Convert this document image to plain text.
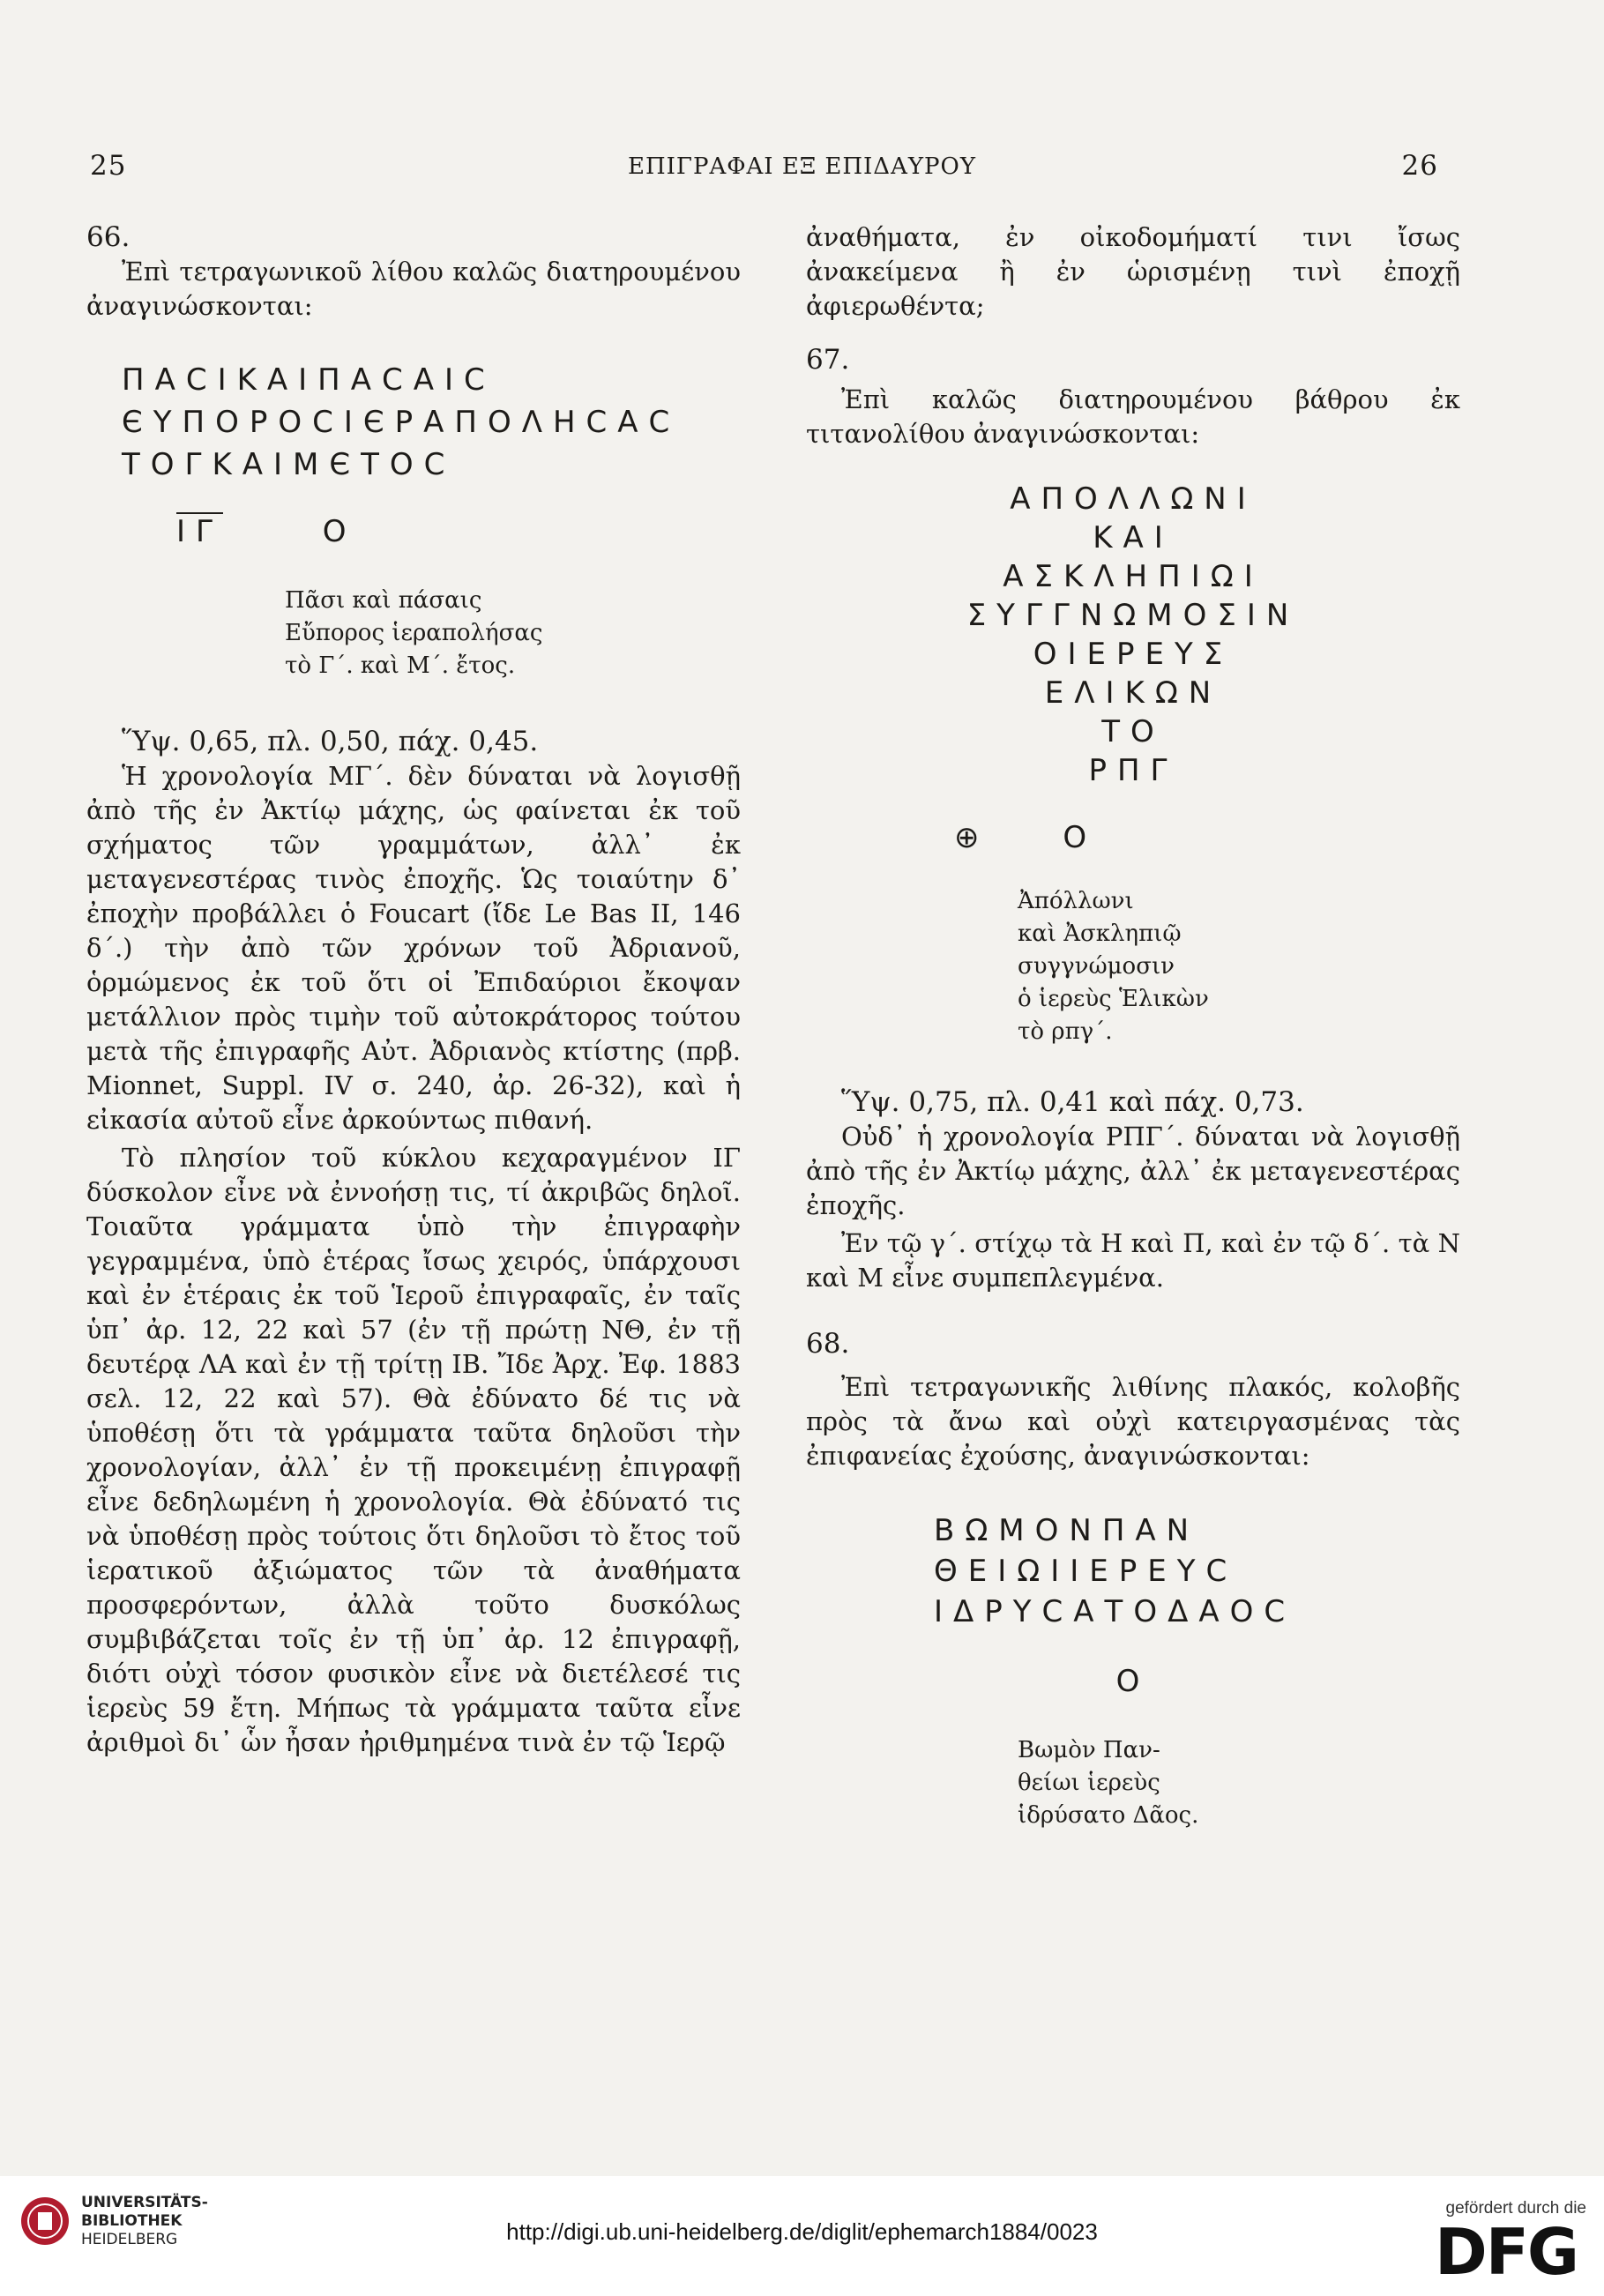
25	ΕΠΙΓΡΑΦΑΙ ΕΞ ΕΠΙΔΑΥΡΟΥ	26

66.

Ἐπὶ τετραγωνικοῦ λίθου καλῶς διατηρουμένου ἀναγινώσκονται:

ΠΑCΙΚΑΙΠΑCΑΙC
ЄΥΠΟΡΟCΙЄΡΑΠΟΛΗCΑC
ΤΟΓΚΑΙΜЄΤΟC
$\overline{I\Gamma}$	Ο
Πᾶσι καὶ πάσαις
Εὔπορος ἱεραπολήσας
τὸ Γ΄. καὶ Μ΄. ἔτος.

Ὕψ. 0,65, πλ. 0,50, πάχ. 0,45.

Ἡ χρονολογία ΜΓ΄. δὲν δύναται νὰ λογισθῇ ἀπὸ τῆς ἐν Ἀκτίῳ μάχης, ὡς φαίνεται ἐκ τοῦ σχήματος τῶν γραμμάτων, ἀλλ᾽ ἐκ μεταγενεστέρας τινὸς ἐποχῆς. Ὡς τοιαύτην δ᾽ ἐποχὴν προβάλλει ὁ Foucart (ἴδε Le Bas II, 146 δ΄.) τὴν ἀπὸ τῶν χρόνων τοῦ Ἀδριανοῦ, ὁρμώμενος ἐκ τοῦ ὅτι οἱ Ἐπιδαύριοι ἔκοψαν μετάλλιον πρὸς τιμὴν τοῦ αὐτοκράτορος τούτου μετὰ τῆς ἐπιγραφῆς Αὐτ. Ἀδριανὸς κτίστης (πρβ. Mionnet, Suppl. IV σ. 240, ἀρ. 26-32), καὶ ἡ εἰκασία αὐτοῦ εἶνε ἀρκούντως πιθανή.

Τὸ πλησίον τοῦ κύκλου κεχαραγμένον ΙΓ δύσκολον εἶνε νὰ ἐννοήσῃ τις, τί ἀκριβῶς δηλοῖ. Τοιαῦτα γράμματα ὑπὸ τὴν ἐπιγραφὴν γεγραμμένα, ὑπὸ ἑτέρας ἴσως χειρός, ὑπάρχουσι καὶ ἐν ἑτέραις ἐκ τοῦ Ἱεροῦ ἐπιγραφαῖς, ἐν ταῖς ὑπ᾽ ἀρ. 12, 22 καὶ 57 (ἐν τῇ πρώτῃ ΝΘ, ἐν τῇ δευτέρᾳ ΛΑ καὶ ἐν τῇ τρίτῃ ΙΒ. Ἴδε Ἀρχ. Ἐφ. 1883 σελ. 12, 22 καὶ 57). Θὰ ἐδύνατο δέ τις νὰ ὑποθέσῃ ὅτι τὰ γράμματα ταῦτα δηλοῦσι τὴν χρονολογίαν, ἀλλ᾽ ἐν τῇ προκειμένῃ ἐπιγραφῇ εἶνε δεδηλωμένη ἡ χρονολογία. Θὰ ἐδύνατό τις νὰ ὑποθέσῃ πρὸς τούτοις ὅτι δηλοῦσι τὸ ἔτος τοῦ ἱερατικοῦ ἀξιώματος τῶν τὰ ἀναθήματα προσφερόντων, ἀλλὰ τοῦτο δυσκόλως συμβιβάζεται τοῖς ἐν τῇ ὑπ᾽ ἀρ. 12 ἐπιγραφῇ, διότι οὐχὶ τόσον φυσικὸν εἶνε νὰ διετέλεσέ τις ἱερεὺς 59 ἔτη. Μήπως τὰ γράμματα ταῦτα εἶνε ἀριθμοὶ δι᾽ ὧν ἦσαν ἠριθμημένα τινὰ ἐν τῷ Ἱερῷ

ἀναθήματα, ἐν οἰκοδομήματί τινι ἴσως ἀνακείμενα ἢ ἐν ὡρισμένῃ τινὶ ἐποχῇ ἀφιερωθέντα;

67.

Ἐπὶ καλῶς διατηρουμένου βάθρου ἐκ τιτανολίθου ἀναγινώσκονται:

ΑΠΟΛΛΩΝΙ
ΚΑΙ
ΑΣΚΛΗΠΙΩΙ
ΣΥΓΓΝΩΜΟΣΙΝ
ΟΙΕΡΕΥΣ
ΕΛΙΚΩΝ
ΤΟ
ΡΠΓ
⊕ Ο
Ἀπόλλωνι
καὶ Ἀσκληπιῷ
συγγνώμοσιν
ὁ ἱερεὺς Ἑλικὼν
τὸ ρπγ΄.

Ὕψ. 0,75, πλ. 0,41 καὶ πάχ. 0,73.

Οὐδ᾽ ἡ χρονολογία ΡΠΓ΄. δύναται νὰ λογισθῇ ἀπὸ τῆς ἐν Ἀκτίῳ μάχης, ἀλλ᾽ ἐκ μεταγενεστέρας ἐποχῆς.

Ἐν τῷ γ΄. στίχῳ τὰ Η καὶ Π, καὶ ἐν τῷ δ΄. τὰ Ν καὶ Μ εἶνε συμπεπλεγμένα.

68.

Ἐπὶ τετραγωνικῆς λιθίνης πλακός, κολοβῆς πρὸς τὰ ἄνω καὶ οὐχὶ κατειργασμένας τὰς ἐπιφανείας ἐχούσης, ἀναγινώσκονται:

ΒΩΜΟΝΠΑΝ
ΘΕΙΩΙΙΕΡΕΥC
ΙΔΡΥCΑΤΟΔΑΟC
Ο
Βωμὸν Παν-
θείωι ἱερεὺς
ἱδρύσατο Δᾶος.
UNIVERSITÄTS-
BIBLIOTHEK
HEIDELBERG	http://digi.ub.uni-heidelberg.de/diglit/ephemarch1884/0023
gefördert durch die
DFG
